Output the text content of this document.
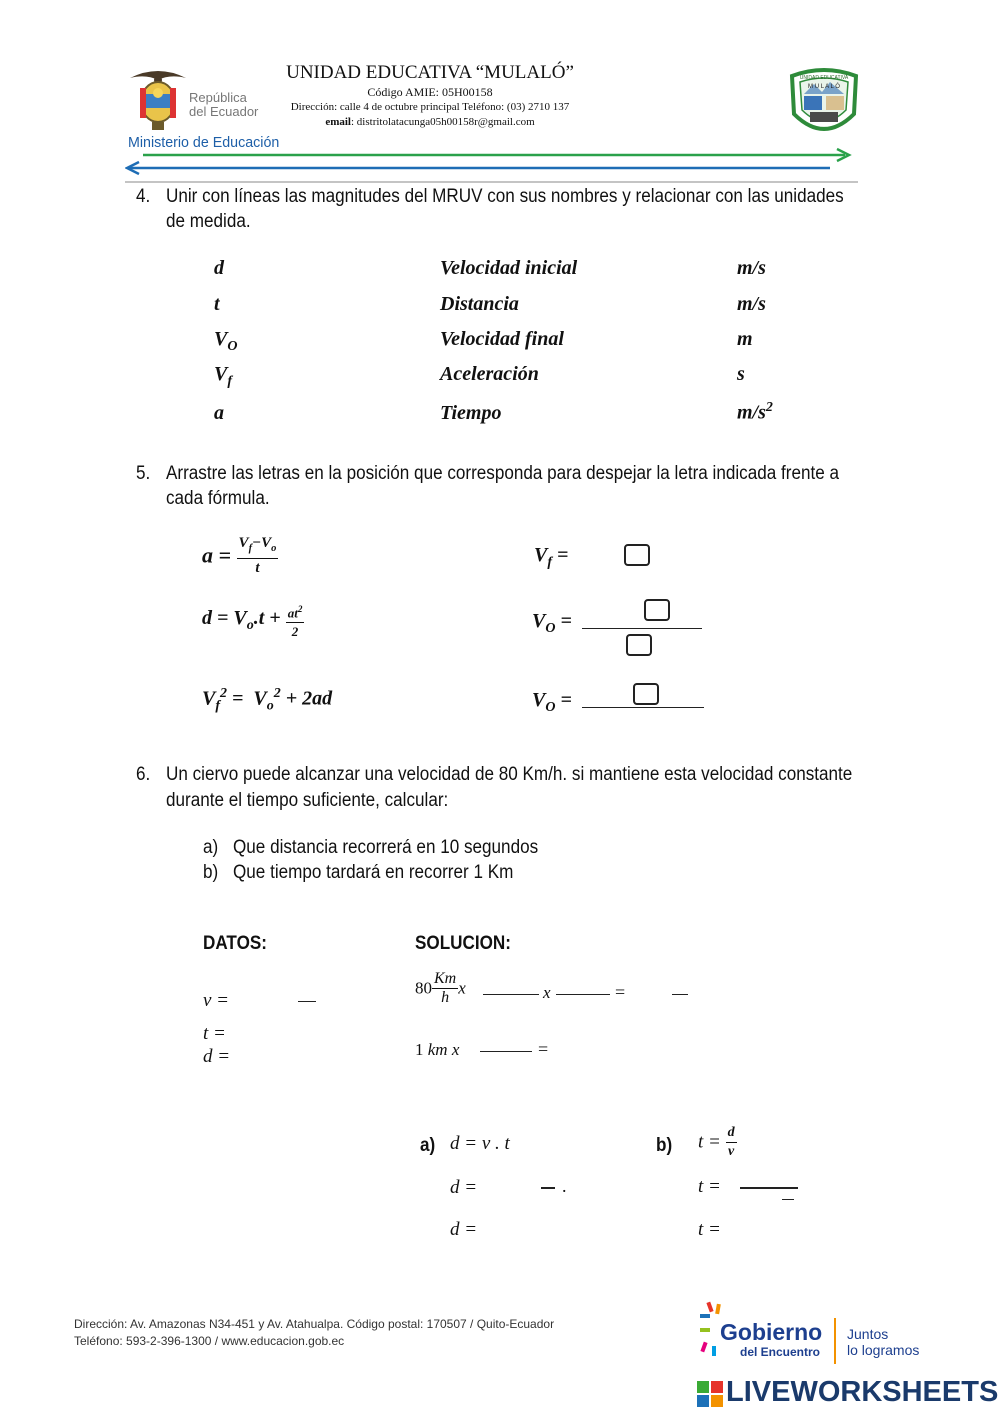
República
del Ecuador
Ministerio de Educación
UNIDAD EDUCATIVA “MULALÓ”
Código AMIE: 05H00158
Dirección: calle 4 de octubre principal Teléfono: (03) 2710 137
email: distritolatacunga05h00158r@gmail.com
UNIDAD EDUCATIVA
M U L A L Ó
4. Unir con líneas las magnitudes del MRUV con sus nombres y relacionar con las unidades
de medida.
d	Velocidad inicial	m/s
t	Distancia	m/s
$V_O$	Velocidad final	m
$V_f$	Aceleración	s
a	Tiempo	$m/s^2$
5. Arrastre las letras en la posición que corresponda para despejar la letra indicada frente a
cada fórmula.
$a = \frac{V_f-V_o}{t}$
$d = V_o.t + \frac{at^2}{2}$
$V_f^2 = V_o^2 + 2ad$
$V_f$ =
$V_O$ =
$V_O$ =
6. Un ciervo puede alcanzar una velocidad de 80 Km/h. si mantiene esta velocidad constante
durante el tiempo suficiente, calcular:
a) Que distancia recorrerá en 10 segundos
b) Que tiempo tardará en recorrer 1 Km
DATOS:	SOLUCION:
v =
t =
d =
$80 \frac{Km}{h}$ x	x	=
1 km x	=
a) d = v . t
d =	.
d =
b) $t = \frac{d}{v}$
t =
t =
Dirección: Av. Amazonas N34-451 y Av. Atahualpa. Código postal: 170507 / Quito-Ecuador
Teléfono: 593-2-396-1300 / www.educacion.gob.ec	Gobierno
del Encuentro
Juntos
lo logramos
LIVEWORKSHEETS
